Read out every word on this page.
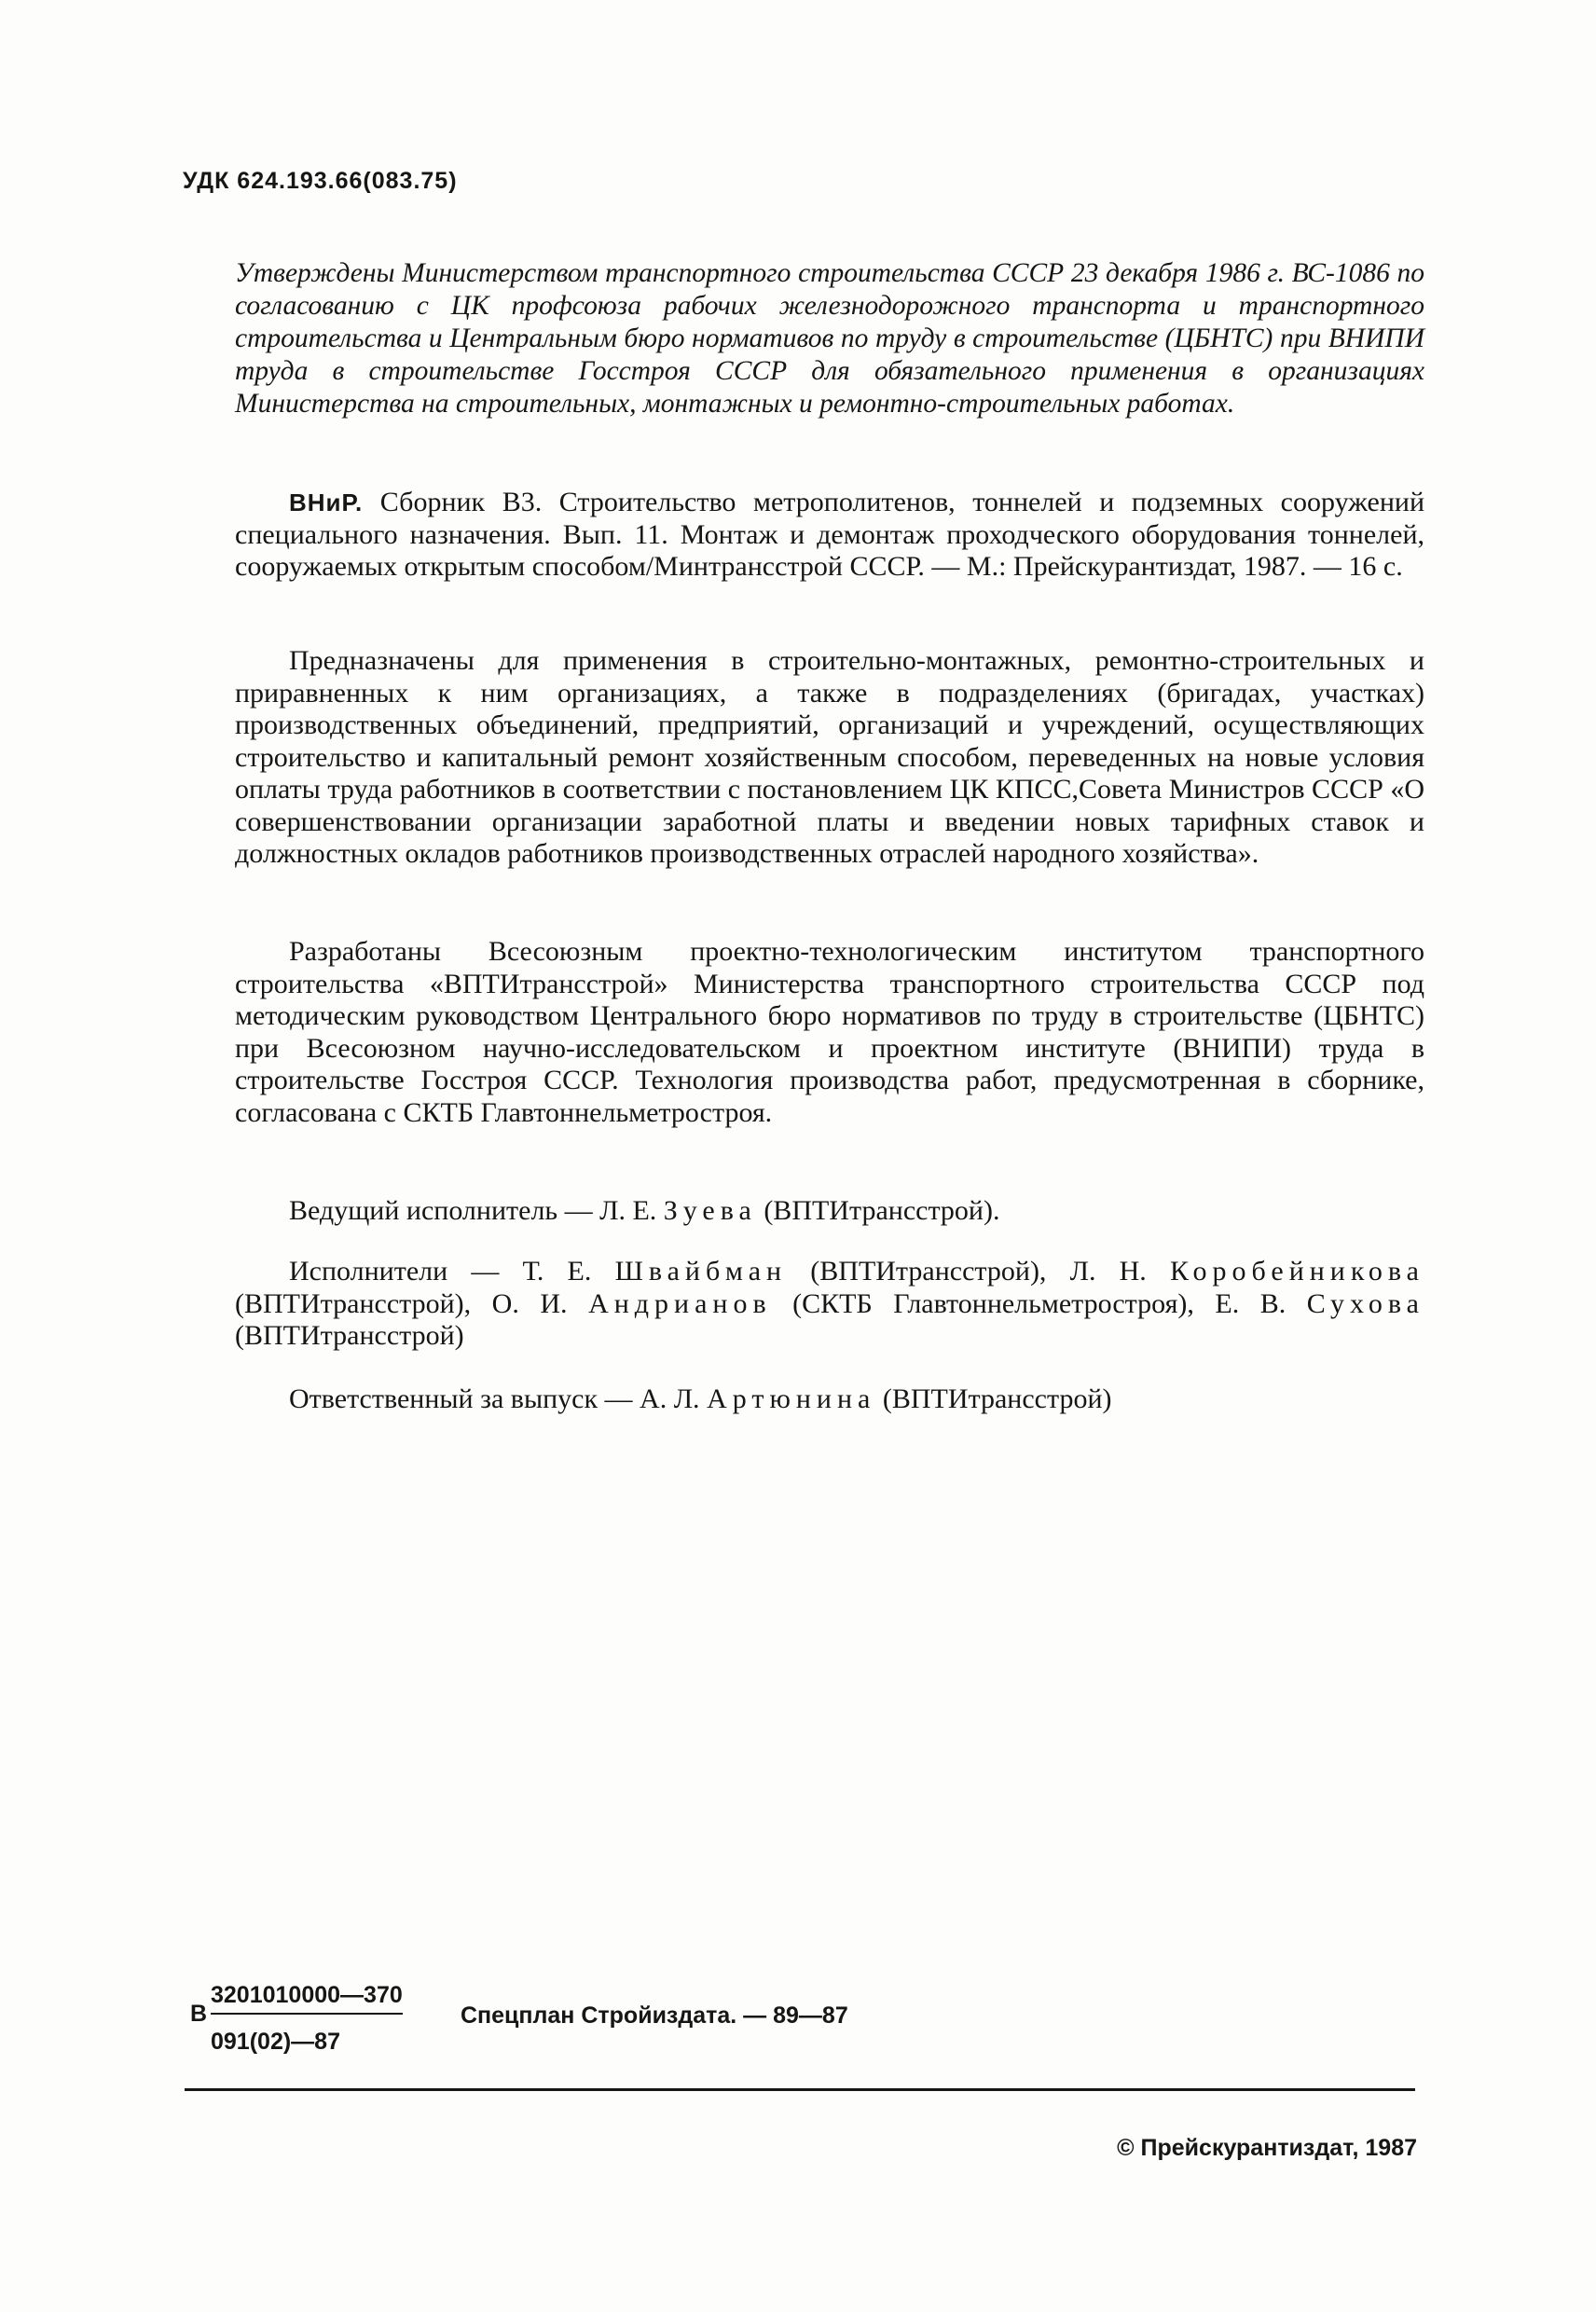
УДК 624.193.66(083.75)
Утверждены Министерством транспортного строительства СССР 23 декабря 1986 г. ВС-1086 по согласованию с ЦК профсоюза рабочих железнодорожного транспорта и транспортного строительства и Центральным бюро нормативов по труду в строительстве (ЦБНТС) при ВНИПИ труда в строительстве Госстроя СССР для обязательного применения в организациях Министерства на строительных, монтажных и ремонтно-строительных работах.
ВНиР. Сборник В3. Строительство метрополитенов, тоннелей и подземных сооружений специального назначения. Вып. 11. Монтаж и демонтаж проходческого оборудования тоннелей, сооружаемых открытым способом/Минтрансстрой СССР. — М.: Прейскурантиздат, 1987. — 16 с.
Предназначены для применения в строительно-монтажных, ремонтно-строительных и приравненных к ним организациях, а также в подразделениях (бригадах, участках) производственных объединений, предприятий, организаций и учреждений, осуществляющих строительство и капитальный ремонт хозяйственным способом, переведенных на новые условия оплаты труда работников в соответствии с постановлением ЦК КПСС,Совета Министров СССР «О совершенствовании организации заработной платы и введении новых тарифных ставок и должностных окладов работников производственных отраслей народного хозяйства».
Разработаны Всесоюзным проектно-технологическим институтом транспортного строительства «ВПТИтрансстрой» Министерства транспортного строительства СССР под методическим руководством Центрального бюро нормативов по труду в строительстве (ЦБНТС) при Всесоюзном научно-исследовательском и проектном институте (ВНИПИ) труда в строительстве Госстроя СССР. Технология производства работ, предусмотренная в сборнике, согласована с СКТБ Главтоннельметростроя.
Ведущий исполнитель — Л. Е. Зуева (ВПТИтрансстрой).
Исполнители — Т. Е. Швайбман (ВПТИтрансстрой), Л. Н. Коробейникова (ВПТИтрансстрой), О. И. Андрианов (СКТБ Главтоннельметростроя), Е. В. Сухова (ВПТИтрансстрой)
Ответственный за выпуск — А. Л. Артюнина (ВПТИтрансстрой)
В
3201010000—370
091(02)—87
Спецплан Стройиздата. — 89—87
© Прейскурантиздат, 1987
